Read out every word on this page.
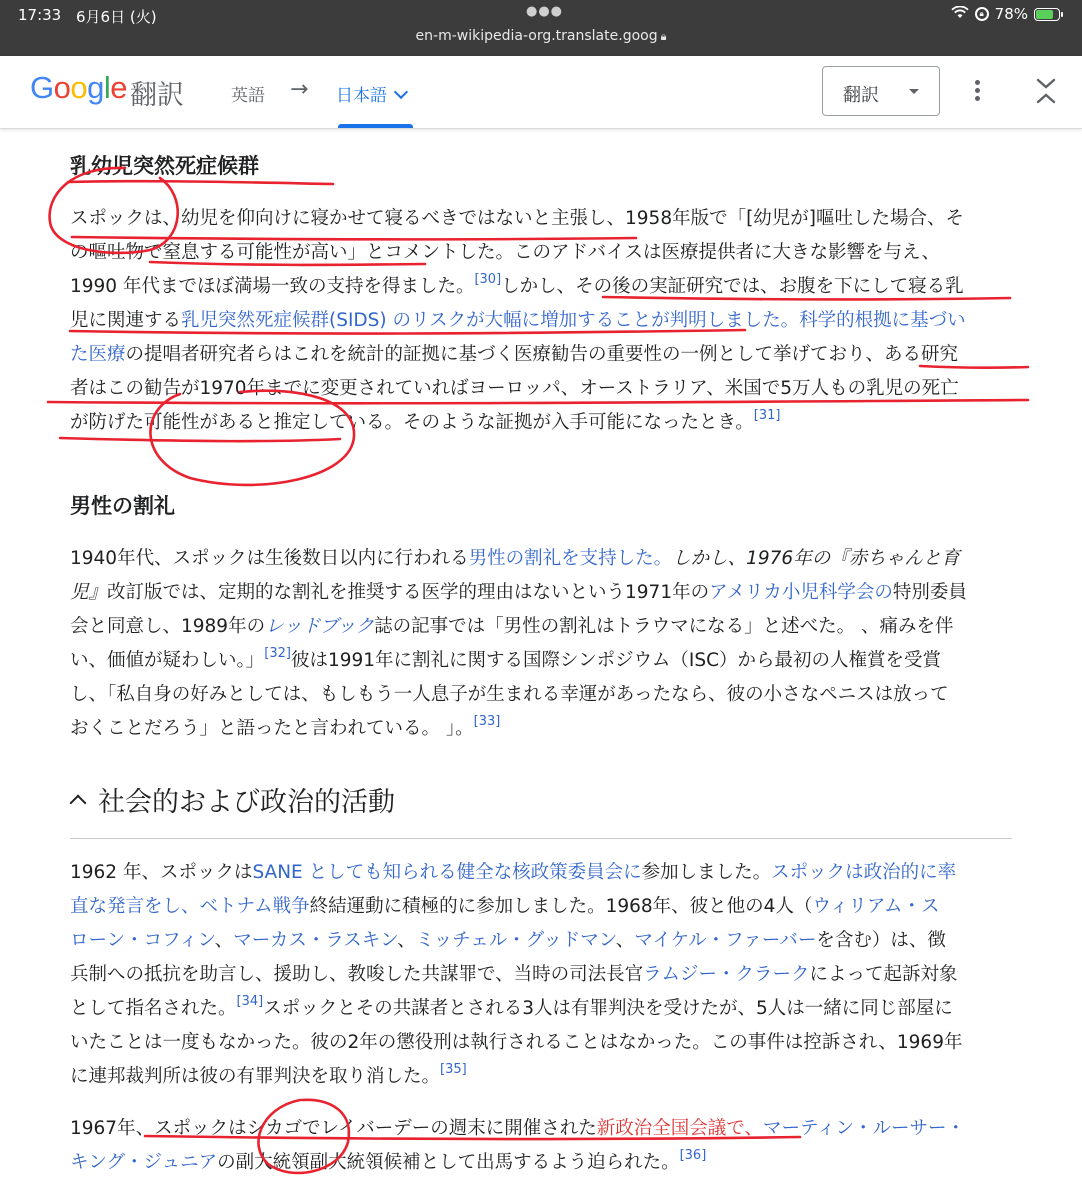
17:33 6月6日 (火)	●●●
en-m-wikipedia-org.translate.goog 🔒︎
🔒︎ 78%
Google 翻訳	英語 → 日本語	翻訳
乳幼児突然死症候群
スポックは、幼児を仰向けに寝かせて寝るべきではないと主張し、1958年版で「[幼児が]嘔吐した場合、そ
の嘔吐物で窒息する可能性が高い」とコメントした。このアドバイスは医療提供者に大きな影響を与え、
1990 年代までほぼ満場一致の支持を得ました。[30]しかし、その後の実証研究では、お腹を下にして寝る乳
児に関連する乳児突然死症候群(SIDS) のリスクが大幅に増加することが判明しました。科学的根拠に基づい
た医療の提唱者研究者らはこれを統計的証拠に基づく医療勧告の重要性の一例として挙げており、ある研究
者はこの勧告が1970年までに変更されていればヨーロッパ、オーストラリア、米国で5万人もの乳児の死亡
が防げた可能性があると推定している。そのような証拠が入手可能になったとき。[31]
男性の割礼
1940年代、スポックは生後数日以内に行われる男性の割礼を支持した。しかし、1976年の『赤ちゃんと育
児』改訂版では、定期的な割礼を推奨する医学的理由はないという1971年のアメリカ小児科学会の特別委員
会と同意し、1989年のレッドブック誌の記事では「男性の割礼はトラウマになる」と述べた。 、痛みを伴
い、価値が疑わしい。」[32]彼は1991年に割礼に関する国際シンポジウム（ISC）から最初の人権賞を受賞
し、「私自身の好みとしては、もしもう一人息子が生まれる幸運があったなら、彼の小さなペニスは放って
おくことだろう」と語ったと言われている。 」。[33]
社会的および政治的活動
1962 年、スポックはSANE としても知られる健全な核政策委員会に参加しました。スポックは政治的に率
直な発言をし、ベトナム戦争終結運動に積極的に参加しました。1968年、彼と他の4人（ウィリアム・ス
ローン・コフィン、マーカス・ラスキン、ミッチェル・グッドマン、マイケル・ファーバーを含む）は、徴
兵制への抵抗を助言し、援助し、教唆した共謀罪で、当時の司法長官ラムジー・クラークによって起訴対象
として指名された。[34]スポックとその共謀者とされる3人は有罪判決を受けたが、5人は一緒に同じ部屋に
いたことは一度もなかった。彼の2年の懲役刑は執行されることはなかった。この事件は控訴され、1969年
に連邦裁判所は彼の有罪判決を取り消した。[35]
1967年、スポックはシカゴでレイバーデーの週末に開催された新政治全国会議で、マーティン・ルーサー・
キング・ジュニアの副大統領副大統領候補として出馬するよう迫られた。[36]
